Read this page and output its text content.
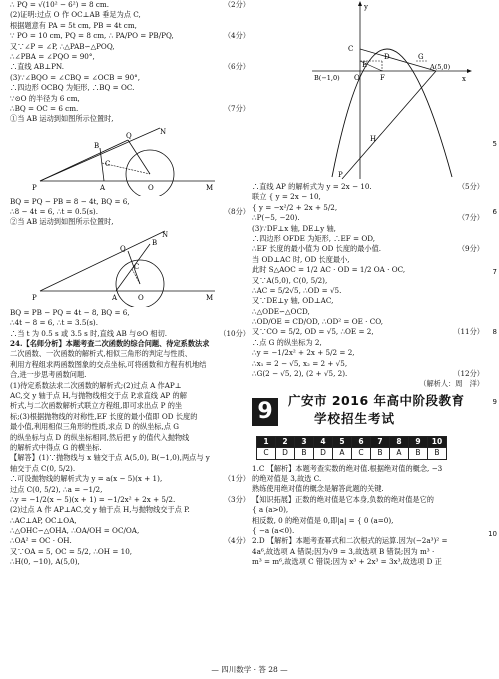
∴ PQ = √(10² − 6²) = 8 cm.	（2分）
(2)证明:过点 O 作 OC⊥AB 垂足为点 C,
根据题意有 PA = 5t cm, PB = 4t cm,
∵ PO = 10 cm, PQ = 8 cm, ∴ PA/PO = PB/PQ,	（4分）
又∵∠P = ∠P, ∴△PAB∽△POQ,
∴∠PBA = ∠PQO = 90°,
∴直线 AB⊥PN.	（6分）
(3)∵∠BQO = ∠CBQ = ∠OCB = 90°,
∴四边形 OCBQ 为矩形, ∴BQ = OC.
∵⊙O 的半径为 6 cm,
∴BQ = OC = 6 cm.	（7分）
①当 AB 运动到如图所示位置时,
N
Q
B
P	A
C
O	M
BQ = PQ − PB = 8 − 4t, BQ = 6,
∴8 − 4t = 6, ∴t = 0.5(s).	（8分）
②当 AB 运动到如图所示位置时,
N
B
Q
P	A
C
O	M
BQ = PB − PQ = 4t − 8, BQ = 6,
∴4t − 8 = 6, ∴t = 3.5(s).
∴当 t 为 0.5 s 或 3.5 s 时,直线 AB 与⊙O 相切.	（10分）
24.【名师分析】本题考查二次函数的综合问题、待定系数法求
二次函数、一次函数的解析式,相似三角形的判定与性质、
利用方程组求两函数图象的交点坐标,可将函数和方程有机地结
合,进一步思考函数问题.
(1)待定系数法求二次函数的解析式;(2)过点 A 作AP⊥
AC,交 y 轴于点 H,与抛物线相交于点 P,求直线 AP 的解
析式,与二次函数解析式联立方程组,即可求出点 P 的坐
标;(3)根据抛物线的对称性,EF 长度的最小值即 OD 长度的
最小值,利用相似三角形的性质,求点 D 的纵坐标,点 G
的纵坐标与点 D 的纵坐标相同,然后把 y 的值代入抛物线
的解析式中得点 G 的横坐标.
【解答】(1)∵抛物线与 x 轴交于点 A(5,0), B(−1,0),两点与 y
轴交于点 C(0, 5/2).
∴可设抛物线的解析式为 y = a(x − 5)(x + 1),	（1分）
过点 C(0, 5/2), ∴a = −1/2,
∴y = −1/2(x − 5)(x + 1) = −1/2x² + 2x + 5/2.	（3分）
(2)过点 A 作 AP⊥AC,交 y 轴于点 H,与抛物线交于点 P.
∴AC⊥AP, OC⊥OA,
∴△OHC∽△OHA, ∴OA/OH = OC/OA,
∴OA² = OC · OH.	（4分）
又∵OA = 5, OC = 5/2, ∴OH = 10,
∴H(0, −10), A(5,0),
y
C
D	G
A(5,0)
B(−1,0) O
E
F
H
P
x
∴直线 AP 的解析式为 y = 2x − 10.	（5分）
联立 { y = 2x − 10,
{ y = −x²/2 + 2x + 5/2,
∴P(−5, −20).	（7分）
(3)∵DF⊥x 轴, DE⊥y 轴,
∴四边形 OFDE 为矩形, ∴EF = OD,
∴EF 长度的最小值为 OD 长度的最小值.	（9分）
当 OD⊥AC 时, OD 长度最小,
此时 S△AOC = 1/2 AC · OD = 1/2 OA · OC,
又∵A(5,0), C(0, 5/2),
∴AC = 5/2√5, ∴OD = √5.
又∵DE⊥y 轴, OD⊥AC,
∴△ODE∽△OCD,
∴OD/OE = CD/OD, ∴OD² = OE · CO,
又∵CO = 5/2, OD = √5, ∴OE = 2,	（11分）
∴点 G 的纵坐标为 2,
∴y = −1/2x² + 2x + 5/2 = 2,
∴x₁ = 2 − √5, x₂ = 2 + √5,
∴G(2 − √5, 2), (2 + √5, 2).	（12分）
（解析人：周　洋）
9	广安市 2016 年高中阶段教育
学校招生考试
1	2	3	4	5	6	7	8	9	10
C	D	B	D	A	C	B	A	B	B
1.C 【解析】本题考查实数的绝对值.根据绝对值的概念, −3
的绝对值是 3,故选 C.
熟练使用绝对值的概念是解答此题的关键.
【知识拓展】正数的绝对值是它本身,负数的绝对值是它的
{ a (a>0),
相反数, 0 的绝对值是 0,即|a| = { 0 (a=0),
{ −a (a<0).
2.D 【解析】本题考查幂式和二次根式的运算.因为(−2a³)² =
4a⁶,故选项 A 错误;因为√9 = 3,故选项 B 错误;因为 m³ ·
m³ = m⁶,故选项 C 错误;因为 x³ + 2x³ = 3x³,故选项 D 正
5
6
7
8
9
10
— 四川数学 · 答 28 —
